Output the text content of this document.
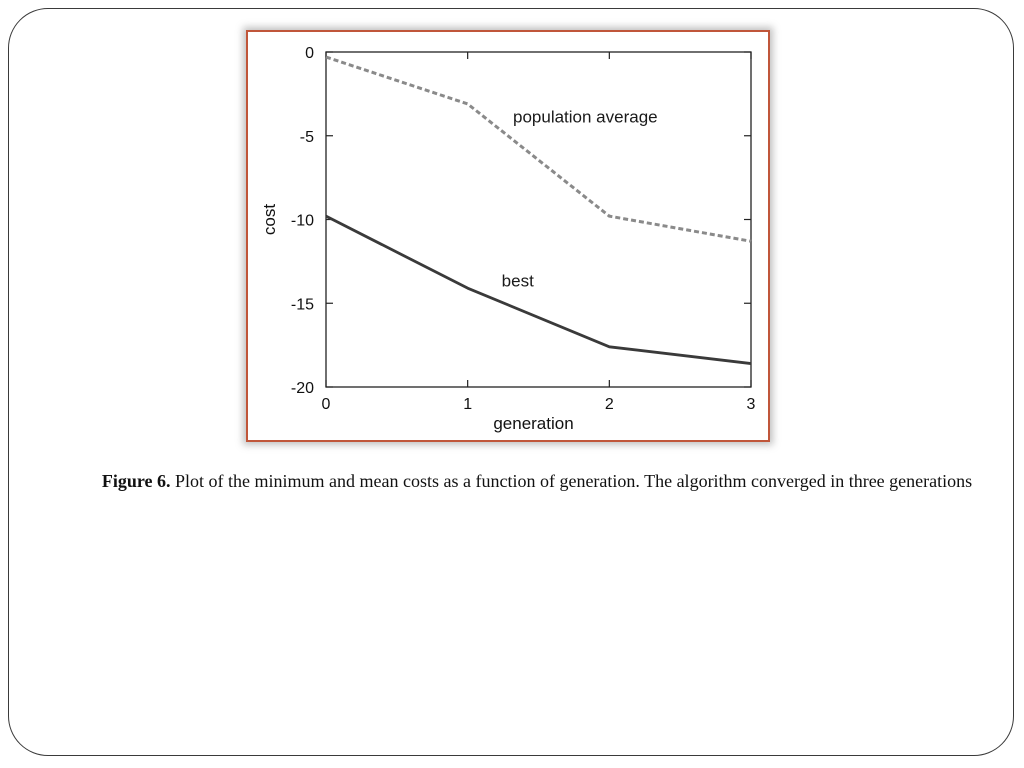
0
-5
-10
-15
-20
0	1	2	3
generation
cost
population average
best
Figure 6. Plot of the minimum and mean costs as a function of generation. The algorithm converged in three generations
